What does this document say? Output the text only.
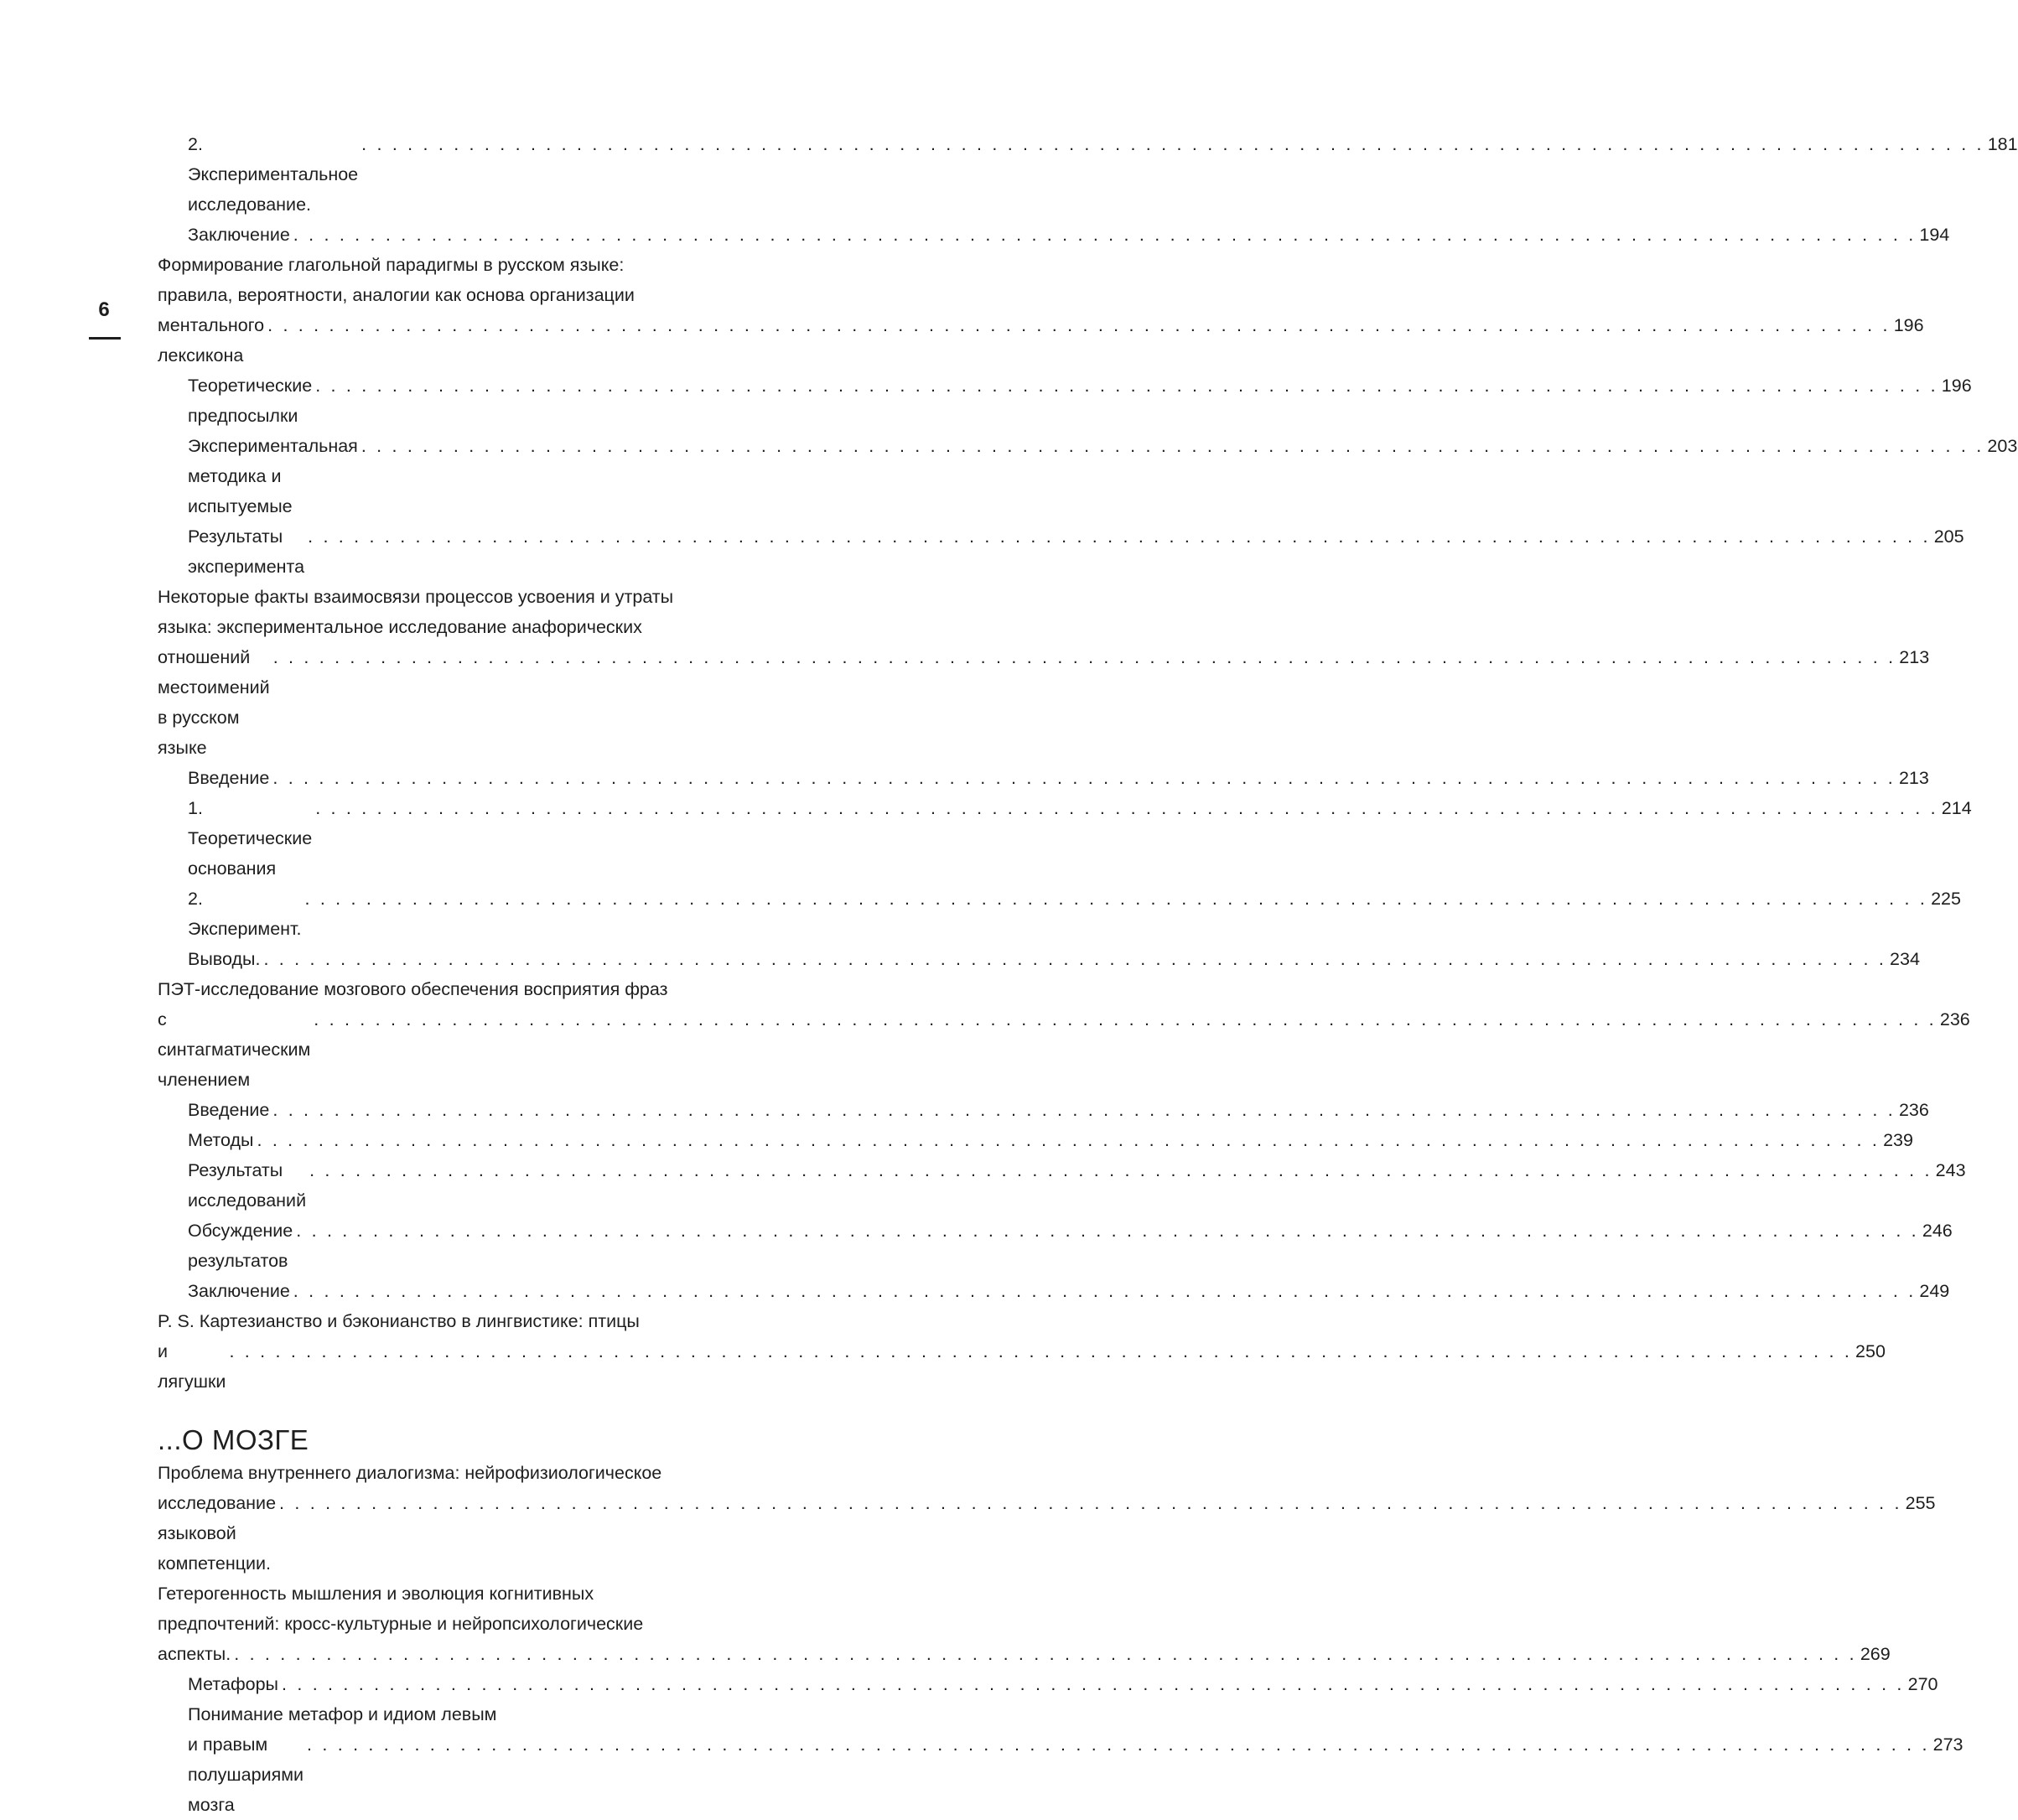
6
2. Экспериментальное исследование.
. . . . . . . . . . . . . . . . . . . . . . . . . . . . . . . . . . . . . . . . . . . . . . . . . . . . . . . . . . . . . . . . . . . . . . . . . . . . . . . . . . . . . . . . . . . . . . . . . . . . . . . . . . 181
Заключение . . . . . . . . . . . . . . . . . . . . . . . . . . . . . . . . . . . . . . . . . . . . . . . . . . . . . . . . . . . . . . . . . . . . . . . . . . . . . . . . . . . . . . . . . . . . . . . . . . . . . . . . . . 194
Формирование глагольной парадигмы в русском языке:
правила, вероятности, аналогии как основа организации
ментального лексикона
. . . . . . . . . . . . . . . . . . . . . . . . . . . . . . . . . . . . . . . . . . . . . . . . . . . . . . . . . . . . . . . . . . . . . . . . . . . . . . . . . . . . . . . . . . . . . . . . . . . . . . . . . . 196
Теоретические предпосылки
. . . . . . . . . . . . . . . . . . . . . . . . . . . . . . . . . . . . . . . . . . . . . . . . . . . . . . . . . . . . . . . . . . . . . . . . . . . . . . . . . . . . . . . . . . . . . . . . . . . . . . . . . . 196
Экспериментальная методика и испытуемые
. . . . . . . . . . . . . . . . . . . . . . . . . . . . . . . . . . . . . . . . . . . . . . . . . . . . . . . . . . . . . . . . . . . . . . . . . . . . . . . . . . . . . . . . . . . . . . . . . . . . . . . . . . 203
Результаты эксперимента
. . . . . . . . . . . . . . . . . . . . . . . . . . . . . . . . . . . . . . . . . . . . . . . . . . . . . . . . . . . . . . . . . . . . . . . . . . . . . . . . . . . . . . . . . . . . . . . . . . . . . . . . . . 205
Некоторые факты взаимосвязи процессов усвоения и утраты
языка: экспериментальное исследование анафорических
отношений местоимений в русском языке
. . . . . . . . . . . . . . . . . . . . . . . . . . . . . . . . . . . . . . . . . . . . . . . . . . . . . . . . . . . . . . . . . . . . . . . . . . . . . . . . . . . . . . . . . . . . . . . . . . . . . . . . . . 213
Введение . . . . . . . . . . . . . . . . . . . . . . . . . . . . . . . . . . . . . . . . . . . . . . . . . . . . . . . . . . . . . . . . . . . . . . . . . . . . . . . . . . . . . . . . . . . . . . . . . . . . . . . . . . 213
1. Теоретические основания
. . . . . . . . . . . . . . . . . . . . . . . . . . . . . . . . . . . . . . . . . . . . . . . . . . . . . . . . . . . . . . . . . . . . . . . . . . . . . . . . . . . . . . . . . . . . . . . . . . . . . . . . . . 214
2. Эксперимент.
. . . . . . . . . . . . . . . . . . . . . . . . . . . . . . . . . . . . . . . . . . . . . . . . . . . . . . . . . . . . . . . . . . . . . . . . . . . . . . . . . . . . . . . . . . . . . . . . . . . . . . . . . . 225
Выводы. . . . . . . . . . . . . . . . . . . . . . . . . . . . . . . . . . . . . . . . . . . . . . . . . . . . . . . . . . . . . . . . . . . . . . . . . . . . . . . . . . . . . . . . . . . . . . . . . . . . . . . . . . . 234
ПЭТ-исследование мозгового обеспечения восприятия фраз
с синтагматическим членением
. . . . . . . . . . . . . . . . . . . . . . . . . . . . . . . . . . . . . . . . . . . . . . . . . . . . . . . . . . . . . . . . . . . . . . . . . . . . . . . . . . . . . . . . . . . . . . . . . . . . . . . . . . 236
Введение . . . . . . . . . . . . . . . . . . . . . . . . . . . . . . . . . . . . . . . . . . . . . . . . . . . . . . . . . . . . . . . . . . . . . . . . . . . . . . . . . . . . . . . . . . . . . . . . . . . . . . . . . . 236
Методы . . . . . . . . . . . . . . . . . . . . . . . . . . . . . . . . . . . . . . . . . . . . . . . . . . . . . . . . . . . . . . . . . . . . . . . . . . . . . . . . . . . . . . . . . . . . . . . . . . . . . . . . . . 239
Результаты исследований
. . . . . . . . . . . . . . . . . . . . . . . . . . . . . . . . . . . . . . . . . . . . . . . . . . . . . . . . . . . . . . . . . . . . . . . . . . . . . . . . . . . . . . . . . . . . . . . . . . . . . . . . . . 243
Обсуждение результатов
. . . . . . . . . . . . . . . . . . . . . . . . . . . . . . . . . . . . . . . . . . . . . . . . . . . . . . . . . . . . . . . . . . . . . . . . . . . . . . . . . . . . . . . . . . . . . . . . . . . . . . . . . . 246
Заключение . . . . . . . . . . . . . . . . . . . . . . . . . . . . . . . . . . . . . . . . . . . . . . . . . . . . . . . . . . . . . . . . . . . . . . . . . . . . . . . . . . . . . . . . . . . . . . . . . . . . . . . . . . 249
P. S. Картезианство и бэконианство в лингвистике: птицы
и лягушки
. . . . . . . . . . . . . . . . . . . . . . . . . . . . . . . . . . . . . . . . . . . . . . . . . . . . . . . . . . . . . . . . . . . . . . . . . . . . . . . . . . . . . . . . . . . . . . . . . . . . . . . . . . 250
...О МОЗГЕ
Проблема внутреннего диалогизма: нейрофизиологическое
исследование языковой компетенции.
. . . . . . . . . . . . . . . . . . . . . . . . . . . . . . . . . . . . . . . . . . . . . . . . . . . . . . . . . . . . . . . . . . . . . . . . . . . . . . . . . . . . . . . . . . . . . . . . . . . . . . . . . . 255
Гетерогенность мышления и эволюция когнитивных
предпочтений: кросс-культурные и нейропсихологические
аспекты. . . . . . . . . . . . . . . . . . . . . . . . . . . . . . . . . . . . . . . . . . . . . . . . . . . . . . . . . . . . . . . . . . . . . . . . . . . . . . . . . . . . . . . . . . . . . . . . . . . . . . . . . . . 269
Метафоры . . . . . . . . . . . . . . . . . . . . . . . . . . . . . . . . . . . . . . . . . . . . . . . . . . . . . . . . . . . . . . . . . . . . . . . . . . . . . . . . . . . . . . . . . . . . . . . . . . . . . . . . . . 270
Понимание метафор и идиом левым
и правым полушариями мозга
. . . . . . . . . . . . . . . . . . . . . . . . . . . . . . . . . . . . . . . . . . . . . . . . . . . . . . . . . . . . . . . . . . . . . . . . . . . . . . . . . . . . . . . . . . . . . . . . . . . . . . . . . . 273
